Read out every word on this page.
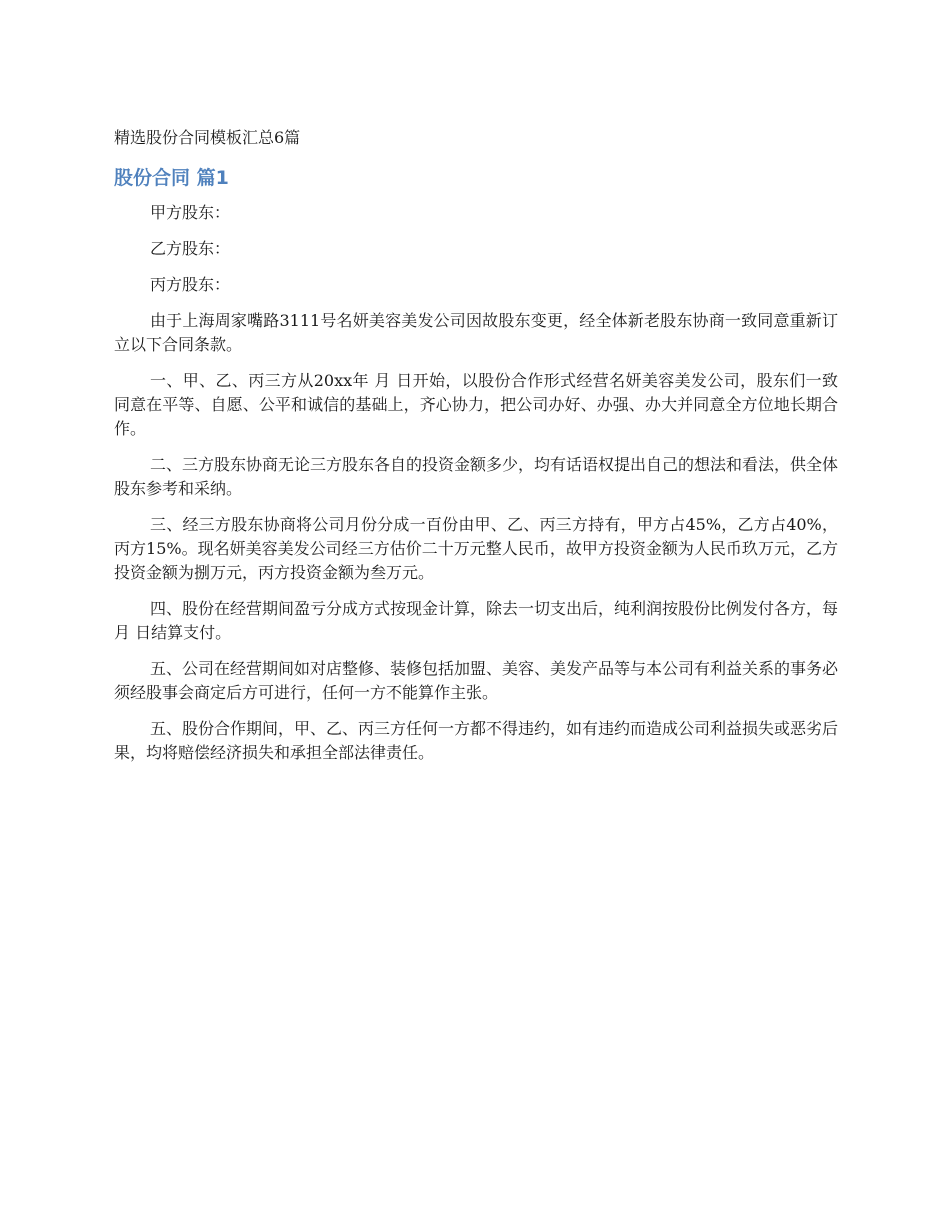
精选股份合同模板汇总6篇
股份合同 篇1

甲方股东：

乙方股东：

丙方股东：

由于上海周家嘴路3111号名妍美容美发公司因故股东变更，经全体新老股东协商一致同意重新订立以下合同条款。

一、甲、乙、丙三方从20xx年 月 日开始，以股份合作形式经营名妍美容美发公司，股东们一致同意在平等、自愿、公平和诚信的基础上，齐心协力，把公司办好、办强、办大并同意全方位地长期合作。

二、三方股东协商无论三方股东各自的投资金额多少，均有话语权提出自己的想法和看法，供全体股东参考和采纳。

三、经三方股东协商将公司月份分成一百份由甲、乙、丙三方持有，甲方占45%，乙方占40%，丙方15%。现名妍美容美发公司经三方估价二十万元整人民币，故甲方投资金额为人民币玖万元，乙方投资金额为捌万元，丙方投资金额为叁万元。

四、股份在经营期间盈亏分成方式按现金计算，除去一切支出后，纯利润按股份比例发付各方，每月 日结算支付。

五、公司在经营期间如对店整修、装修包括加盟、美容、美发产品等与本公司有利益关系的事务必须经股事会商定后方可进行，任何一方不能算作主张。

五、股份合作期间，甲、乙、丙三方任何一方都不得违约，如有违约而造成公司利益损失或恶劣后果，均将赔偿经济损失和承担全部法律责任。
